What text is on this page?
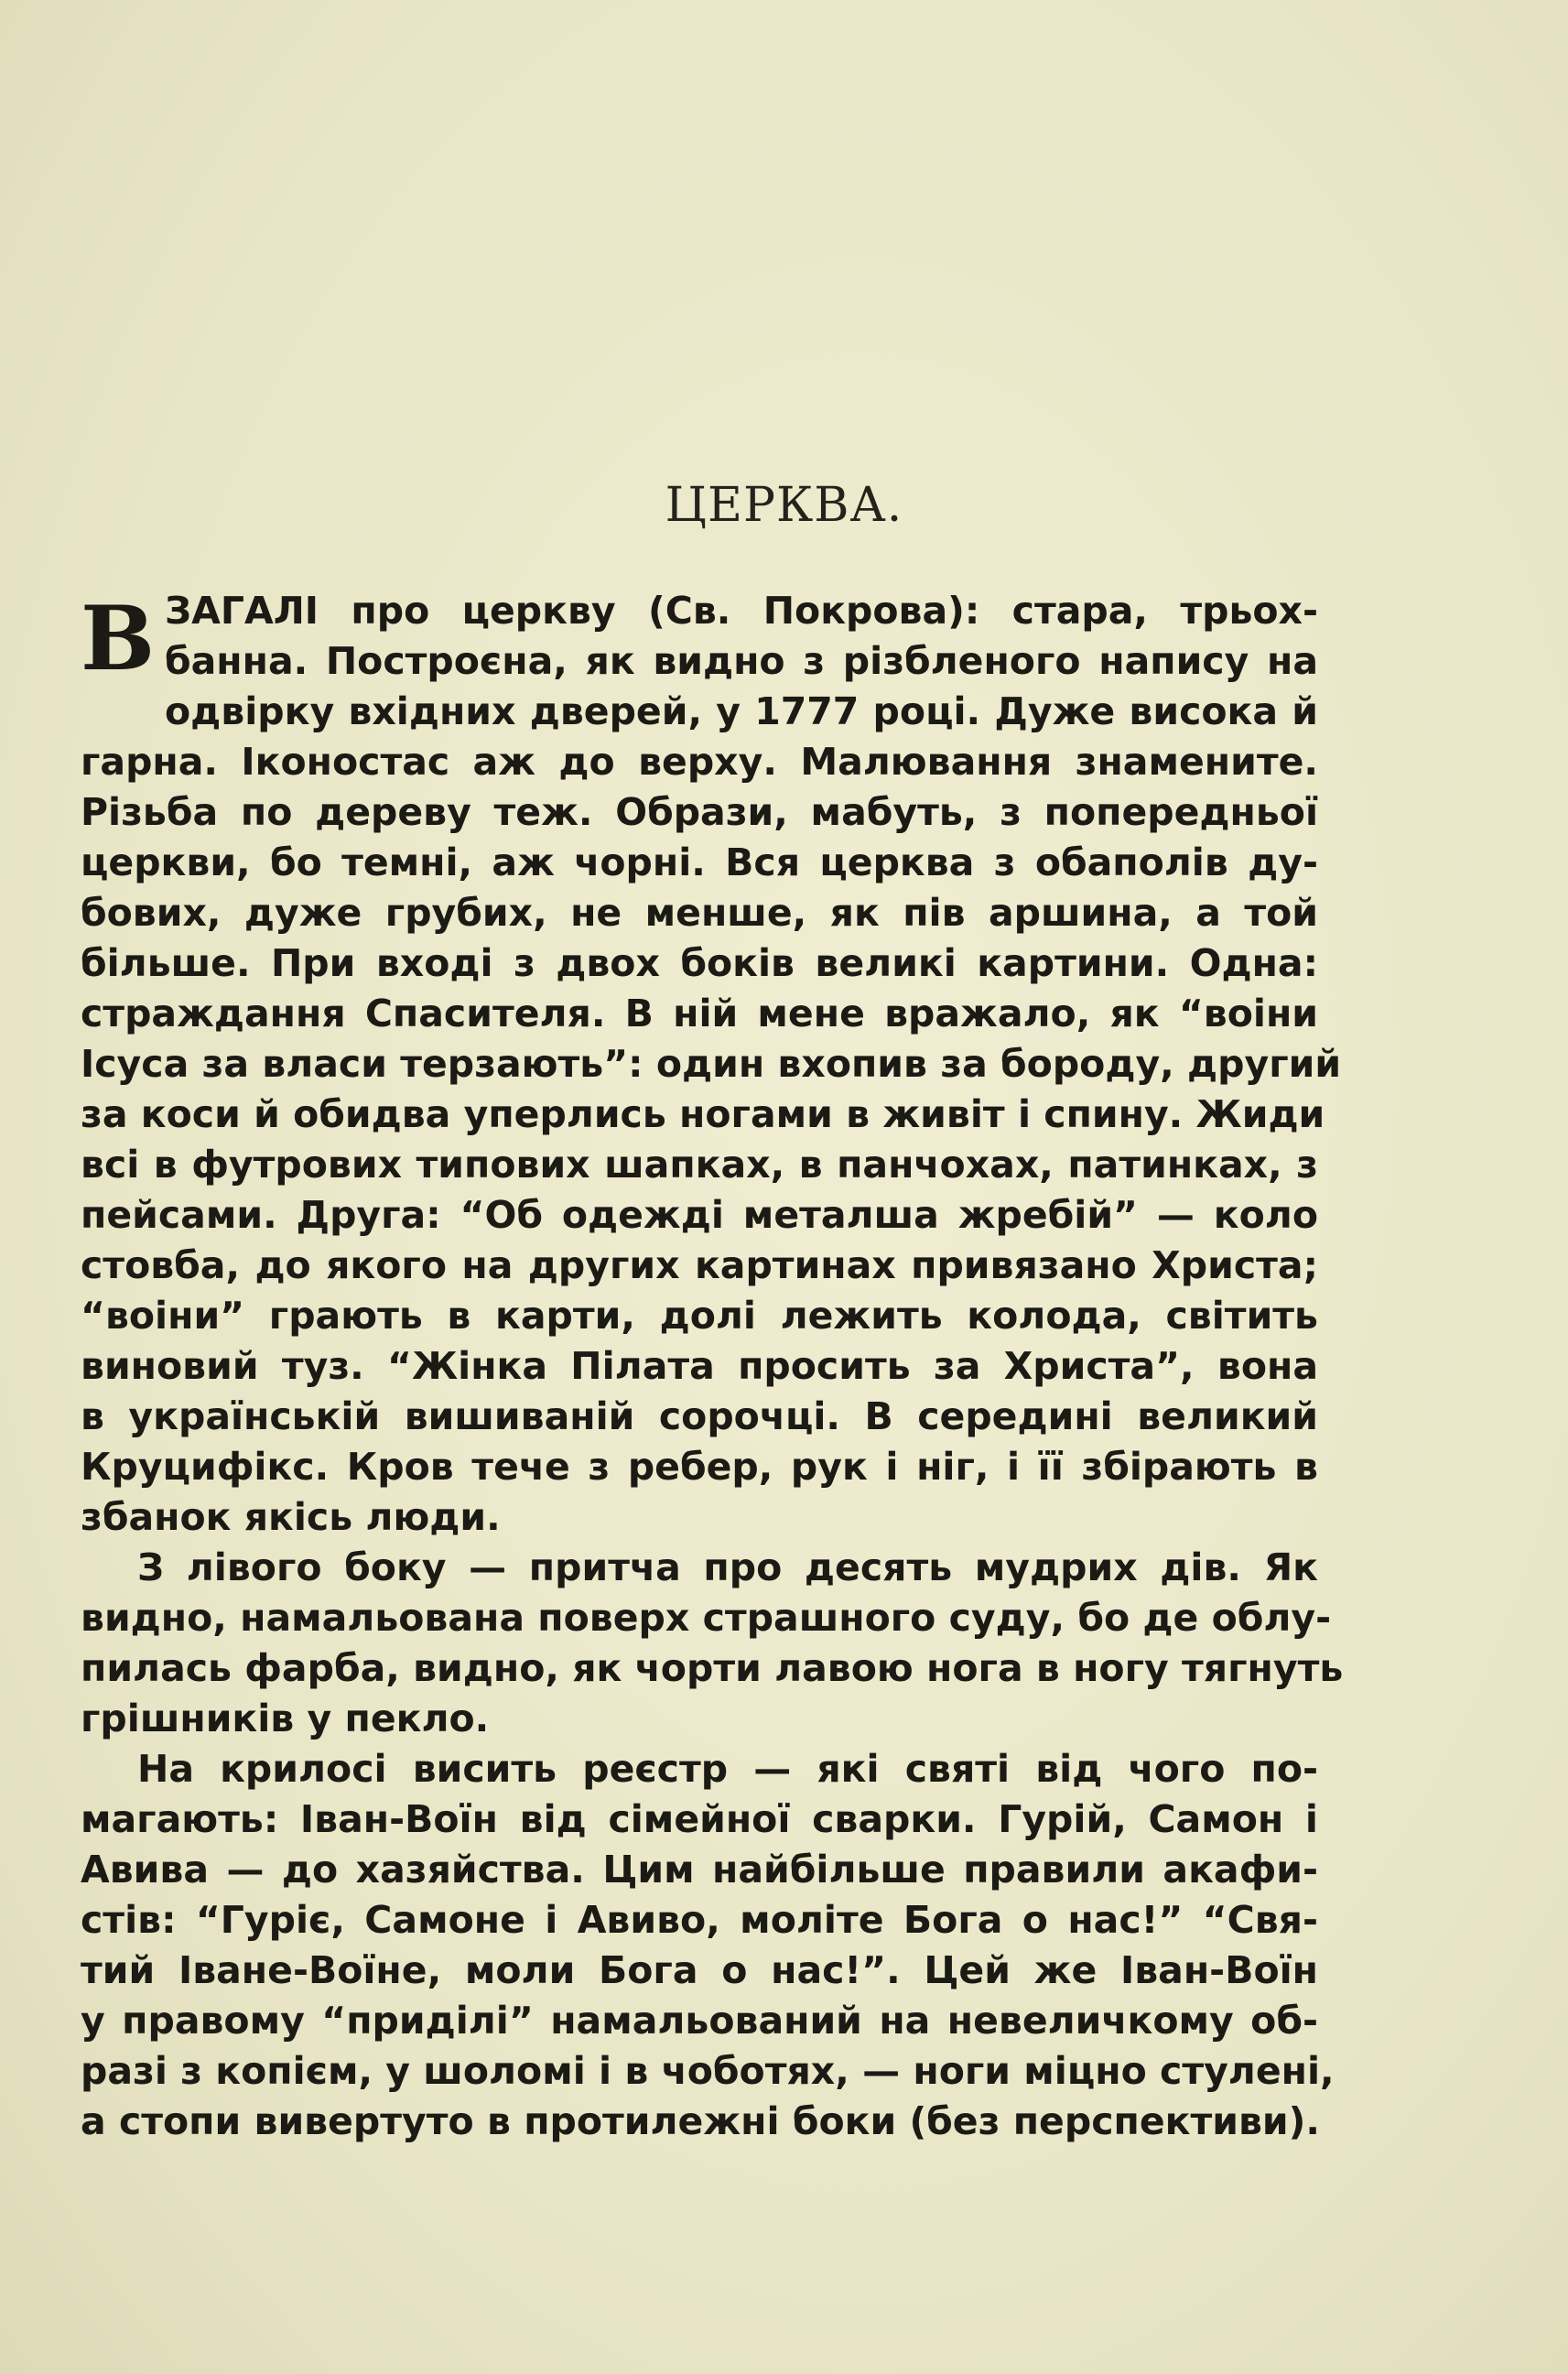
ЦЕРКВА.
В ЗАГАЛІ про церкву (Св. Покрова): стара, трьох-
банна. Построєна, як видно з різбленого напису на
одвірку вхідних дверей, у 1777 році. Дуже висока й
гарна. Іконостас аж до верху. Малювання знамените.
Різьба по дереву теж. Образи, мабуть, з попередньої
церкви, бо темні, аж чорні. Вся церква з обаполів ду-
бових, дуже грубих, не менше, як пів аршина, а той
більше. При вході з двох боків великі картини. Одна:
страждання Спасителя. В ній мене вражало, як “воіни
Ісуса за власи терзають”: один вхопив за бороду, другий
за коси й обидва уперлись ногами в живіт і спину. Жиди
всі в футрових типових шапках, в панчохах, патинках, з
пейсами. Друга: “Об одежді металша жребій” — коло
стовба, до якого на других картинах привязано Христа;
“воіни” грають в карти, долі лежить колода, світить
виновий туз. “Жінка Пілата просить за Христа”, вона
в українській вишиваній сорочці. В середині великий
Круцифікс. Кров тече з ребер, рук і ніг, і її збірають в
збанок якісь люди.
З лівого боку — притча про десять мудрих дів. Як
видно, намальована поверх страшного суду, бо де облу-
пилась фарба, видно, як чорти лавою нога в ногу тягнуть
грішників у пекло.
На крилосі висить реєстр — які святі від чого по-
магають: Іван-Воїн від сімейної сварки. Гурій, Самон і
Авива — до хазяйства. Цим найбільше правили акафи-
стів: “Гуріє, Самоне і Авиво, моліте Бога о нас!” “Свя-
тий Іване-Воїне, моли Бога о нас!”. Цей же Іван-Воїн
у правому “приділі” намальований на невеличкому об-
разі з копієм, у шоломі і в чоботях, — ноги міцно стулені,
а стопи вивертуто в протилежні боки (без перспективи).
